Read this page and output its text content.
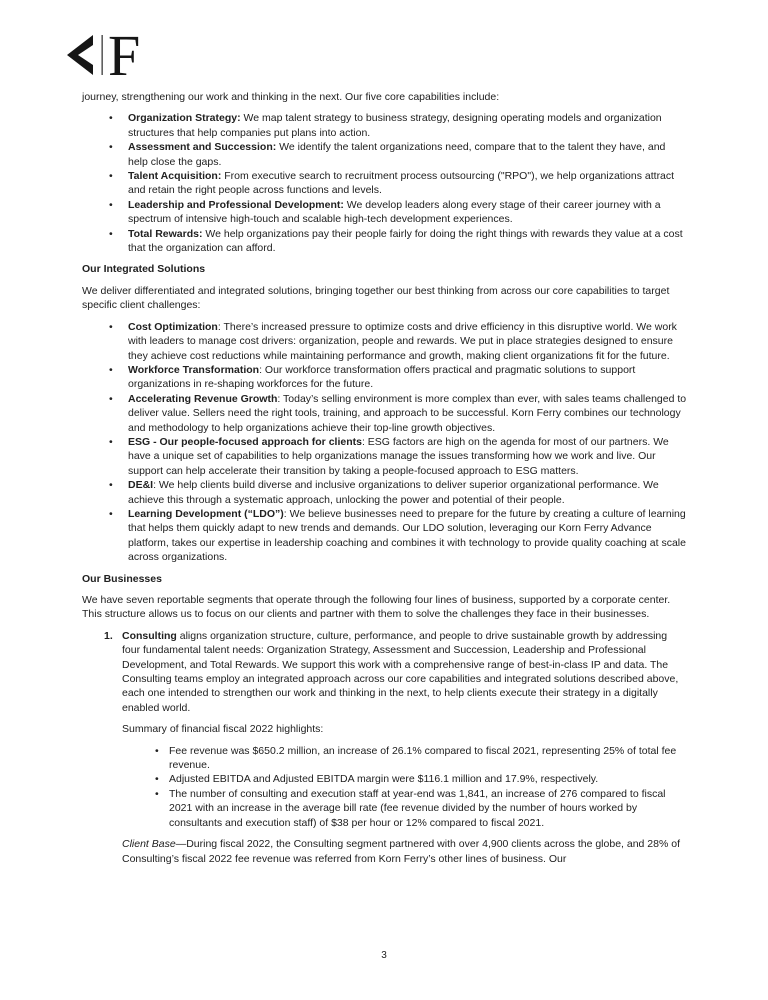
F

journey, strengthening our work and thinking in the next. Our five core capabilities include:

• Organization Strategy: We map talent strategy to business strategy, designing operating models and organization structures that help companies put plans into action.
• Assessment and Succession: We identify the talent organizations need, compare that to the talent they have, and help close the gaps.
• Talent Acquisition: From executive search to recruitment process outsourcing ("RPO"), we help organizations attract and retain the right people across functions and levels.
• Leadership and Professional Development: We develop leaders along every stage of their career journey with a spectrum of intensive high-touch and scalable high-tech development experiences.
• Total Rewards: We help organizations pay their people fairly for doing the right things with rewards they value at a cost that the organization can afford.

Our Integrated Solutions

We deliver differentiated and integrated solutions, bringing together our best thinking from across our core capabilities to target specific client challenges:

• Cost Optimization: There’s increased pressure to optimize costs and drive efficiency in this disruptive world. We work with leaders to manage cost drivers: organization, people and rewards. We put in place strategies designed to ensure they achieve cost reductions while maintaining performance and growth, making client organizations fit for the future.
• Workforce Transformation: Our workforce transformation offers practical and pragmatic solutions to support organizations in re-shaping workforces for the future.
• Accelerating Revenue Growth: Today’s selling environment is more complex than ever, with sales teams challenged to deliver value. Sellers need the right tools, training, and approach to be successful. Korn Ferry combines our technology and methodology to help organizations achieve their top-line growth objectives.
• ESG - Our people-focused approach for clients: ESG factors are high on the agenda for most of our partners. We have a unique set of capabilities to help organizations manage the issues transforming how we work and live. Our support can help accelerate their transition by taking a people-focused approach to ESG matters.
• DE&I: We help clients build diverse and inclusive organizations to deliver superior organizational performance. We achieve this through a systematic approach, unlocking the power and potential of their people.
• Learning Development (“LDO”): We believe businesses need to prepare for the future by creating a culture of learning that helps them quickly adapt to new trends and demands. Our LDO solution, leveraging our Korn Ferry Advance platform, takes our expertise in leadership coaching and combines it with technology to provide quality coaching at scale across organizations.

Our Businesses

We have seven reportable segments that operate through the following four lines of business, supported by a corporate center. This structure allows us to focus on our clients and partner with them to solve the challenges they face in their businesses.

1. Consulting aligns organization structure, culture, performance, and people to drive sustainable growth by addressing four fundamental talent needs: Organization Strategy, Assessment and Succession, Leadership and Professional Development, and Total Rewards. We support this work with a comprehensive range of best-in-class IP and data. The Consulting teams employ an integrated approach across our core capabilities and integrated solutions described above, each one intended to strengthen our work and thinking in the next, to help clients execute their strategy in a digitally enabled world.

Summary of financial fiscal 2022 highlights:

• Fee revenue was $650.2 million, an increase of 26.1% compared to fiscal 2021, representing 25% of total fee revenue.
• Adjusted EBITDA and Adjusted EBITDA margin were $116.1 million and 17.9%, respectively.
• The number of consulting and execution staff at year-end was 1,841, an increase of 276 compared to fiscal 2021 with an increase in the average bill rate (fee revenue divided by the number of hours worked by consultants and execution staff) of $38 per hour or 12% compared to fiscal 2021.

Client Base—During fiscal 2022, the Consulting segment partnered with over 4,900 clients across the globe, and 28% of Consulting’s fiscal 2022 fee revenue was referred from Korn Ferry’s other lines of business. Our

3
